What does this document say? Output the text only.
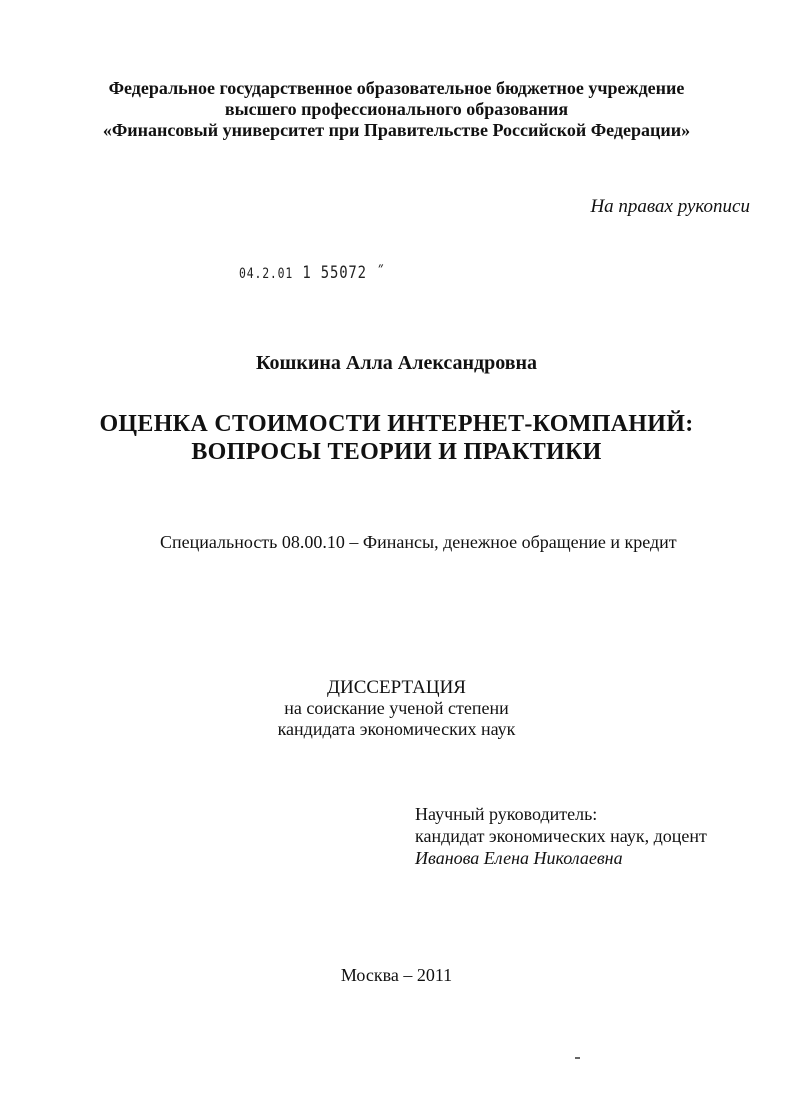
Федеральное государственное образовательное бюджетное учреждение
высшего профессионального образования
«Финансовый университет при Правительстве Российской Федерации»
На правах рукописи
04.2.01 1 55072 ˝
Кошкина Алла Александровна
ОЦЕНКА СТОИМОСТИ ИНТЕРНЕТ-КОМПАНИЙ:
ВОПРОСЫ ТЕОРИИ И ПРАКТИКИ
Специальность 08.00.10 – Финансы, денежное обращение и кредит
ДИССЕРТАЦИЯ
на соискание ученой степени
кандидата экономических наук
Научный руководитель:
кандидат экономических наук, доцент
Иванова Елена Николаевна
Москва – 2011
